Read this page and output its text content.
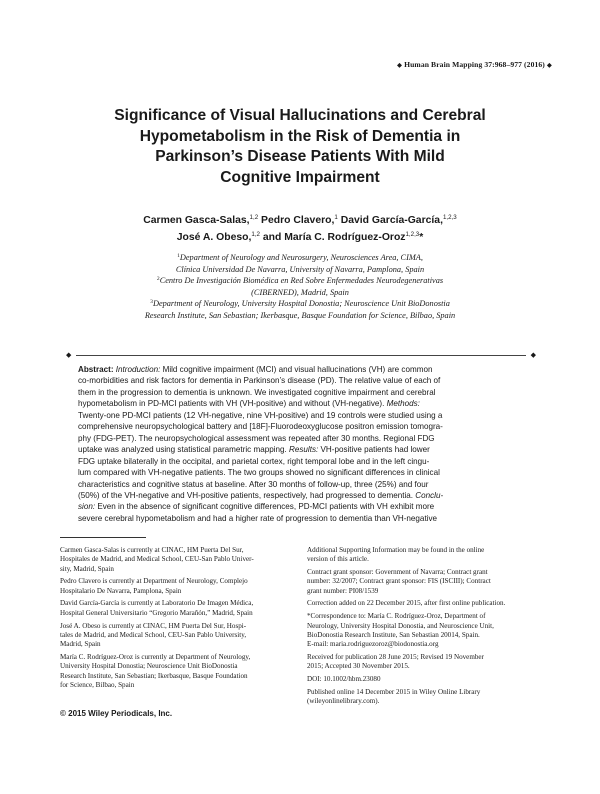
◆ Human Brain Mapping 37:968–977 (2016) ◆
Significance of Visual Hallucinations and Cerebral
Hypometabolism in the Risk of Dementia in
Parkinson’s Disease Patients With Mild
Cognitive Impairment
Carmen Gasca-Salas,$^{1,2}$ Pedro Clavero,$^1$ David García-García,$^{1,2,3}$
José A. Obeso,$^{1,2}$ and María C. Rodríguez-Oroz$^{1,2,3}$*
$^1$Department of Neurology and Neurosurgery, Neurosciences Area, CIMA,
Clínica Universidad De Navarra, University of Navarra, Pamplona, Spain
$^2$Centro De Investigación Biomédica en Red Sobre Enfermedades Neurodegenerativas
(CIBERNED), Madrid, Spain
$^3$Department of Neurology, University Hospital Donostia; Neuroscience Unit BioDonostia
Research Institute, San Sebastian; Ikerbasque, Basque Foundation for Science, Bilbao, Spain
◆	◆
Abstract: Introduction: Mild cognitive impairment (MCI) and visual hallucinations (VH) are common
co-morbidities and risk factors for dementia in Parkinson’s disease (PD). The relative value of each of
them in the progression to dementia is unknown. We investigated cognitive impairment and cerebral
hypometabolism in PD-MCI patients with VH (VH-positive) and without (VH-negative). Methods:
Twenty-one PD-MCI patients (12 VH-negative, nine VH-positive) and 19 controls were studied using a
comprehensive neuropsychological battery and [18F]-Fluorodeoxyglucose positron emission tomogra-
phy (FDG-PET). The neuropsychological assessment was repeated after 30 months. Regional FDG
uptake was analyzed using statistical parametric mapping. Results: VH-positive patients had lower
FDG uptake bilaterally in the occipital, and parietal cortex, right temporal lobe and in the left cingu-
lum compared with VH-negative patients. The two groups showed no significant differences in clinical
characteristics and cognitive status at baseline. After 30 months of follow-up, three (25%) and four
(50%) of the VH-negative and VH-positive patients, respectively, had progressed to dementia. Conclu-
sion: Even in the absence of significant cognitive differences, PD-MCI patients with VH exhibit more
severe cerebral hypometabolism and had a higher rate of progression to dementia than VH-negative
Carmen Gasca-Salas is currently at CINAC, HM Puerta Del Sur,
Hospitales de Madrid, and Medical School, CEU-San Pablo Univer-
sity, Madrid, Spain
Pedro Clavero is currently at Department of Neurology, Complejo
Hospitalario De Navarra, Pamplona, Spain
David García-García is currently at Laboratorio De Imagen Médica,
Hospital General Universitario “Gregorio Marañón,” Madrid, Spain
José A. Obeso is currently at CINAC, HM Puerta Del Sur, Hospi-
tales de Madrid, and Medical School, CEU-San Pablo University,
Madrid, Spain
María C. Rodríguez-Oroz is currently at Department of Neurology,
University Hospital Donostia; Neuroscience Unit BioDonostia
Research Institute, San Sebastian; Ikerbasque, Basque Foundation
for Science, Bilbao, Spain
Additional Supporting Information may be found in the online
version of this article.
Contract grant sponsor: Government of Navarra; Contract grant
number: 32/2007; Contract grant sponsor: FIS (ISCIII); Contract
grant number: PI08/1539
Correction added on 22 December 2015, after first online publication.
*Correspondence to: María C. Rodríguez-Oroz, Department of
Neurology, University Hospital Donostia, and Neuroscience Unit,
BioDonostia Research Institute, San Sebastian 20014, Spain.
E-mail: maria.rodriguezoroz@biodonostia.org
Received for publication 28 June 2015; Revised 19 November
2015; Accepted 30 November 2015.
DOI: 10.1002/hbm.23080
Published online 14 December 2015 in Wiley Online Library
(wileyonlinelibrary.com).
© 2015 Wiley Periodicals, Inc.
